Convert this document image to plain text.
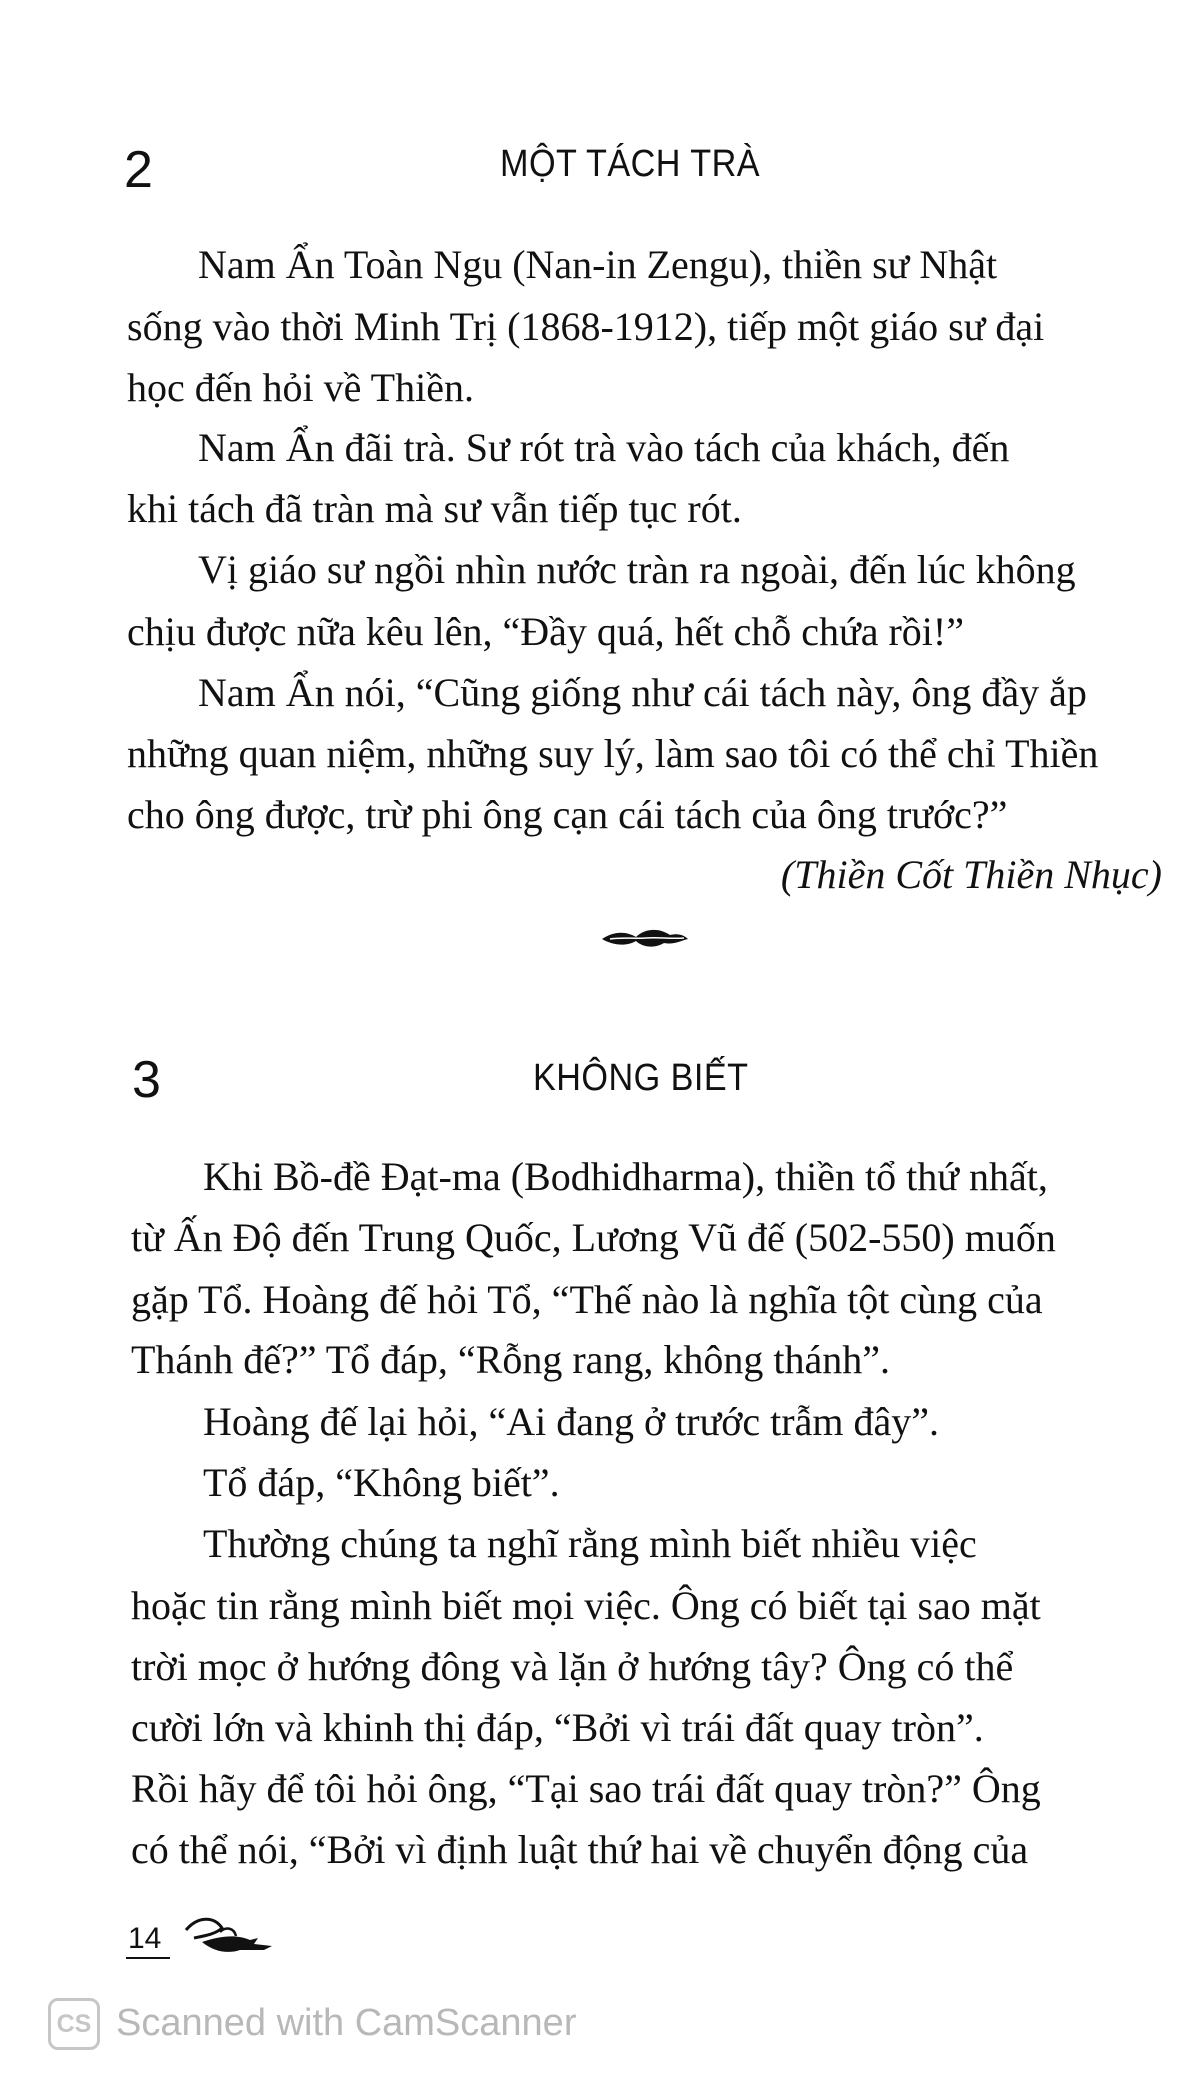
2	MỘT TÁCH TRÀ
Nam Ẩn Toàn Ngu (Nan-in Zengu), thiền sư Nhật
sống vào thời Minh Trị (1868-1912), tiếp một giáo sư đại
học đến hỏi về Thiền.
Nam Ẩn đãi trà. Sư rót trà vào tách của khách, đến
khi tách đã tràn mà sư vẫn tiếp tục rót.
Vị giáo sư ngồi nhìn nước tràn ra ngoài, đến lúc không
chịu được nữa kêu lên, “Đầy quá, hết chỗ chứa rồi!”
Nam Ẩn nói, “Cũng giống như cái tách này, ông đầy ắp
những quan niệm, những suy lý, làm sao tôi có thể chỉ Thiền
cho ông được, trừ phi ông cạn cái tách của ông trước?”
(Thiền Cốt Thiền Nhục)
3	KHÔNG BIẾT
Khi Bồ-đề Đạt-ma (Bodhidharma), thiền tổ thứ nhất,
từ Ấn Độ đến Trung Quốc, Lương Vũ đế (502-550) muốn
gặp Tổ. Hoàng đế hỏi Tổ, “Thế nào là nghĩa tột cùng của
Thánh đế?” Tổ đáp, “Rỗng rang, không thánh”.
Hoàng đế lại hỏi, “Ai đang ở trước trẫm đây”.
Tổ đáp, “Không biết”.
Thường chúng ta nghĩ rằng mình biết nhiều việc
hoặc tin rằng mình biết mọi việc. Ông có biết tại sao mặt
trời mọc ở hướng đông và lặn ở hướng tây? Ông có thể
cười lớn và khinh thị đáp, “Bởi vì trái đất quay tròn”.
Rồi hãy để tôi hỏi ông, “Tại sao trái đất quay tròn?” Ông
có thể nói, “Bởi vì định luật thứ hai về chuyển động của
14
CS Scanned with CamScanner
